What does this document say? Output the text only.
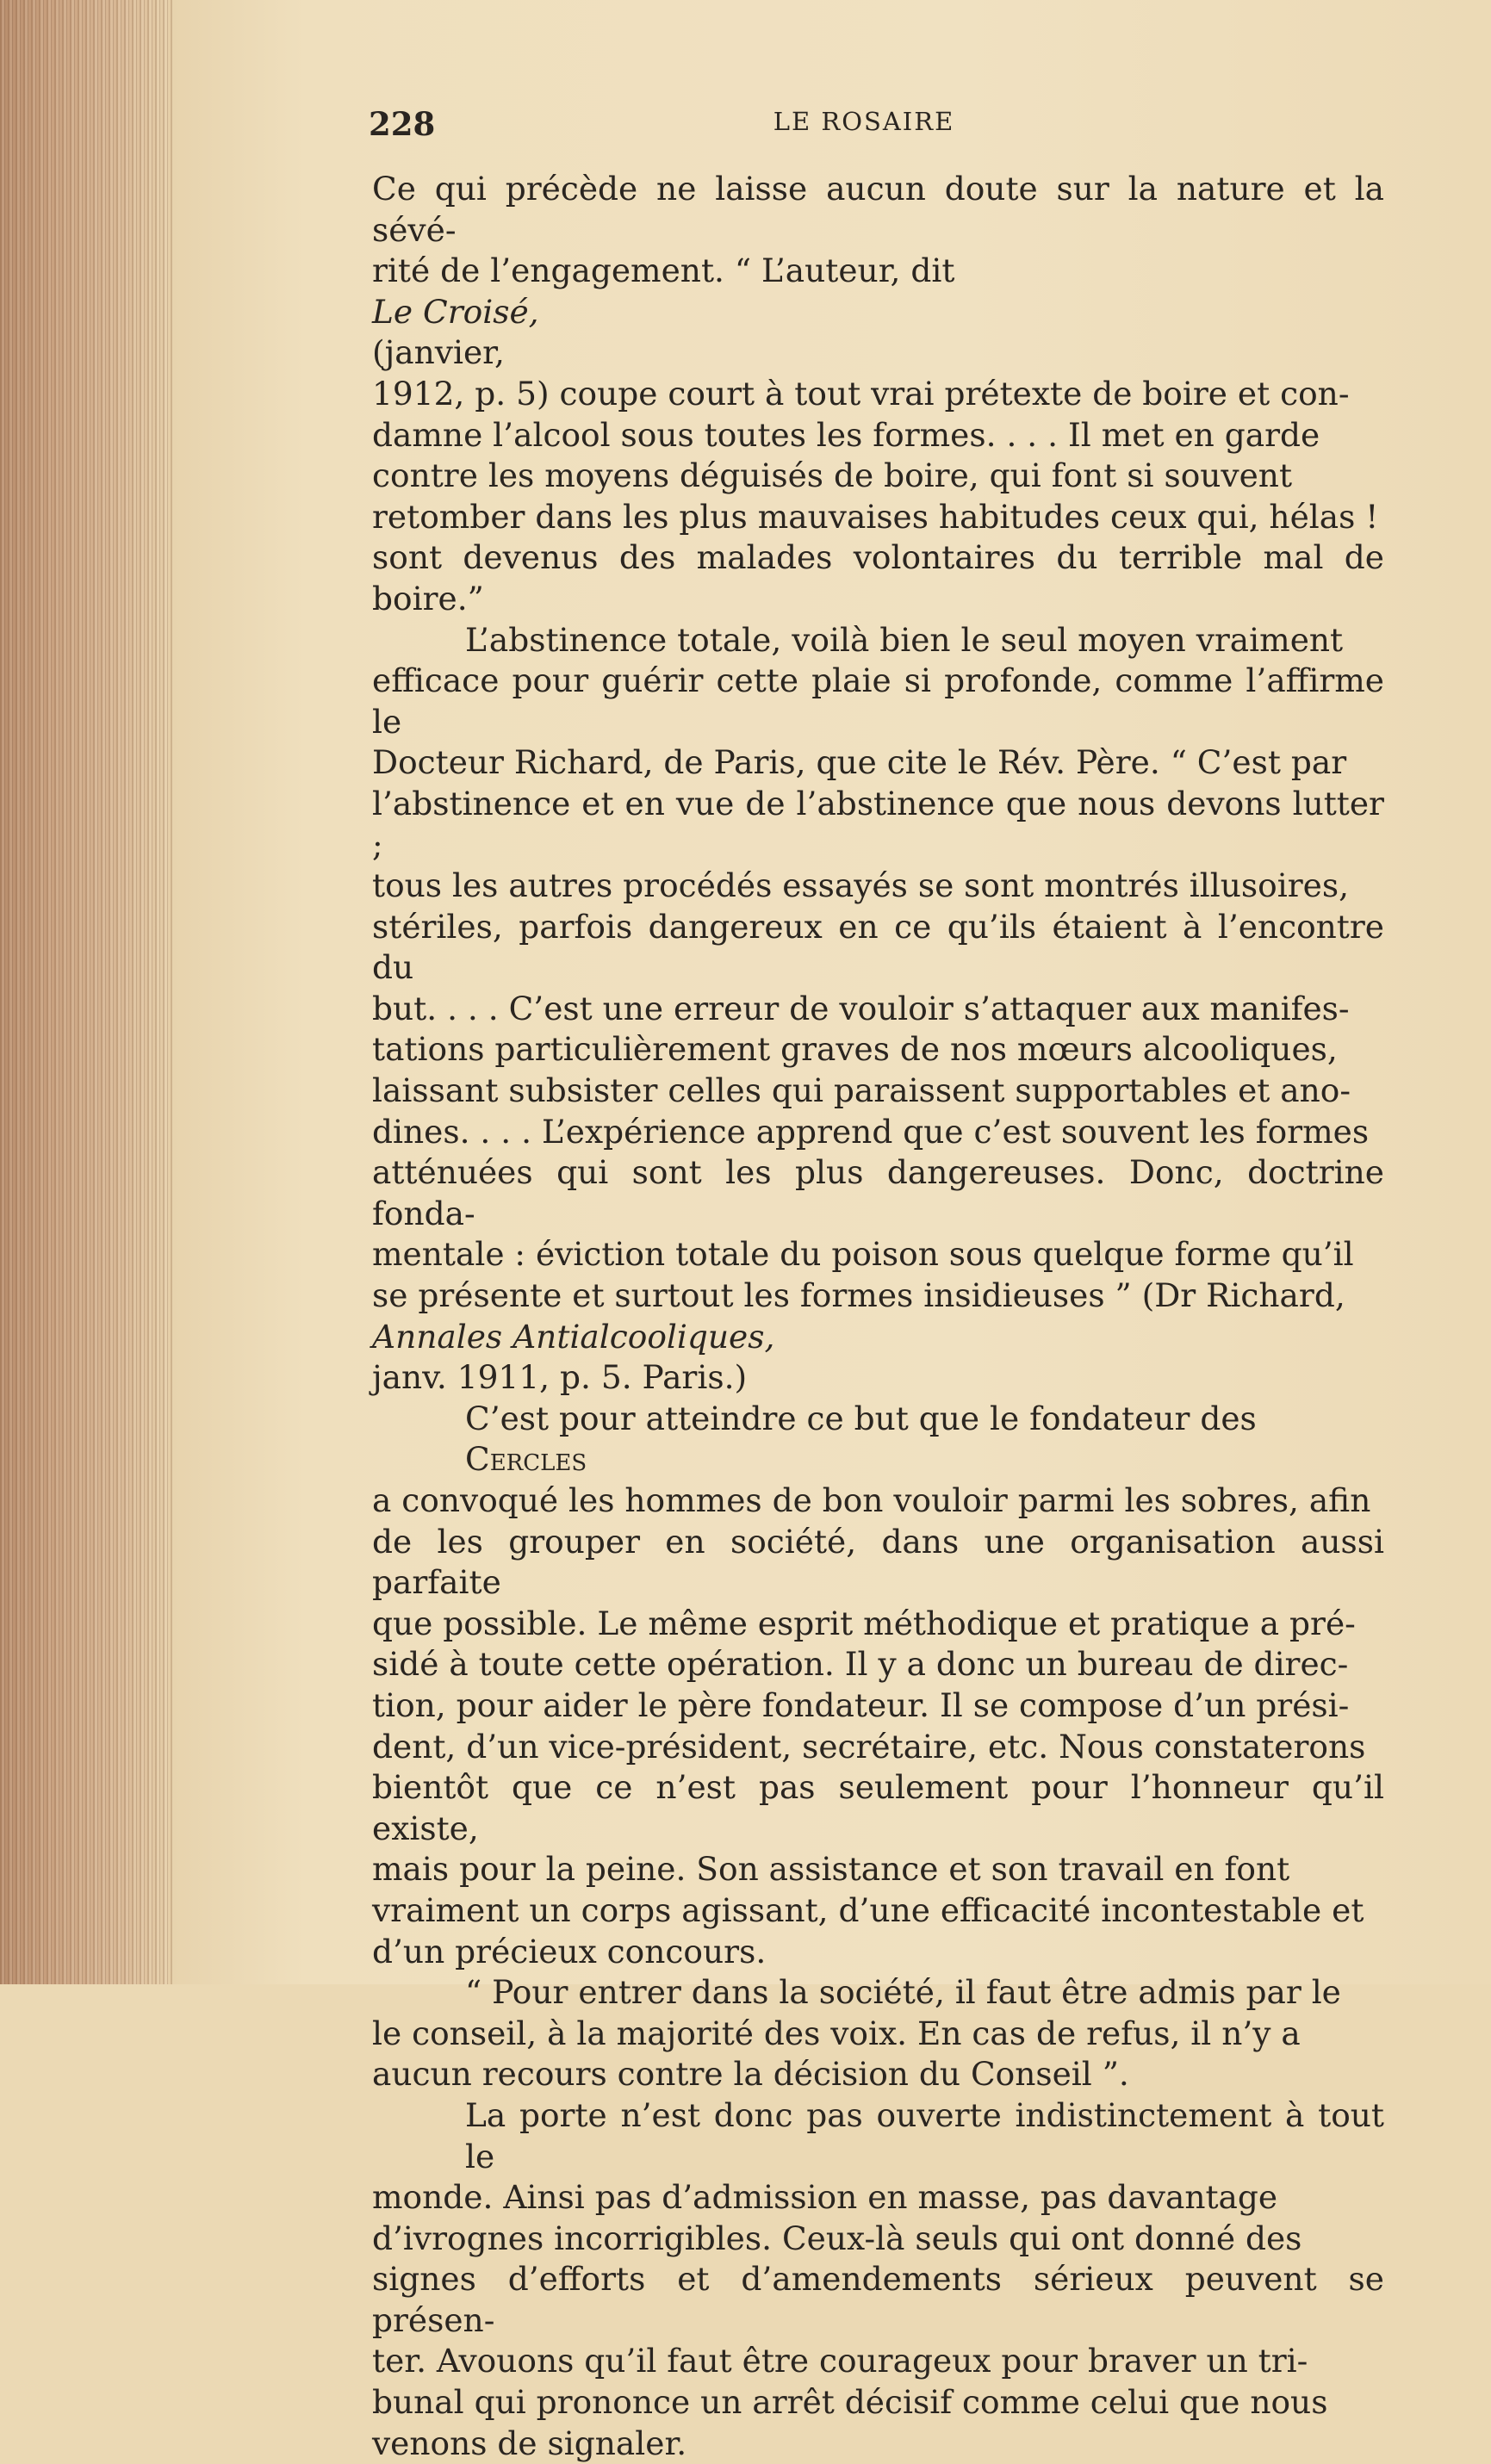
228	LE ROSAIRE

Ce qui précède ne laisse aucun doute sur la nature et la sévé-
rité de l’engagement. “ L’auteur, dit
Le Croisé,
(janvier,
1912, p. 5) coupe court à tout vrai prétexte de boire et con-
damne l’alcool sous toutes les formes. . . . Il met en garde
contre les moyens déguisés de boire, qui font si souvent
retomber dans les plus mauvaises habitudes ceux qui, hélas !
sont devenus des malades volontaires du terrible mal de boire.”

L’abstinence totale, voilà bien le seul moyen vraiment
efficace pour guérir cette plaie si profonde, comme l’affirme le
Docteur Richard, de Paris, que cite le Rév. Père. “ C’est par
l’abstinence et en vue de l’abstinence que nous devons lutter ;
tous les autres procédés essayés se sont montrés illusoires,
stériles, parfois dangereux en ce qu’ils étaient à l’encontre du
but. . . . C’est une erreur de vouloir s’attaquer aux manifes-
tations particulièrement graves de nos mœurs alcooliques,
laissant subsister celles qui paraissent supportables et ano-
dines. . . . L’expérience apprend que c’est souvent les formes
atténuées qui sont les plus dangereuses. Donc, doctrine fonda-
mentale : éviction totale du poison sous quelque forme qu’il
se présente et surtout les formes insidieuses ” (Dr Richard,
Annales Antialcooliques,
janv. 1911, p. 5. Paris.)

C’est pour atteindre ce but que le fondateur des
Cercles
a convoqué les hommes de bon vouloir parmi les sobres, afin
de les grouper en société, dans une organisation aussi parfaite
que possible. Le même esprit méthodique et pratique a pré-
sidé à toute cette opération. Il y a donc un bureau de direc-
tion, pour aider le père fondateur. Il se compose d’un prési-
dent, d’un vice-président, secrétaire, etc. Nous constaterons
bientôt que ce n’est pas seulement pour l’honneur qu’il existe,
mais pour la peine. Son assistance et son travail en font
vraiment un corps agissant, d’une efficacité incontestable et
d’un précieux concours.

“ Pour entrer dans la société, il faut être admis par le
le conseil, à la majorité des voix. En cas de refus, il n’y a
aucun recours contre la décision du Conseil ”.

La porte n’est donc pas ouverte indistinctement à tout le
monde. Ainsi pas d’admission en masse, pas davantage
d’ivrognes incorrigibles. Ceux-là seuls qui ont donné des
signes d’efforts et d’amendements sérieux peuvent se présen-
ter. Avouons qu’il faut être courageux pour braver un tri-
bunal qui prononce un arrêt décisif comme celui que nous
venons de signaler.
